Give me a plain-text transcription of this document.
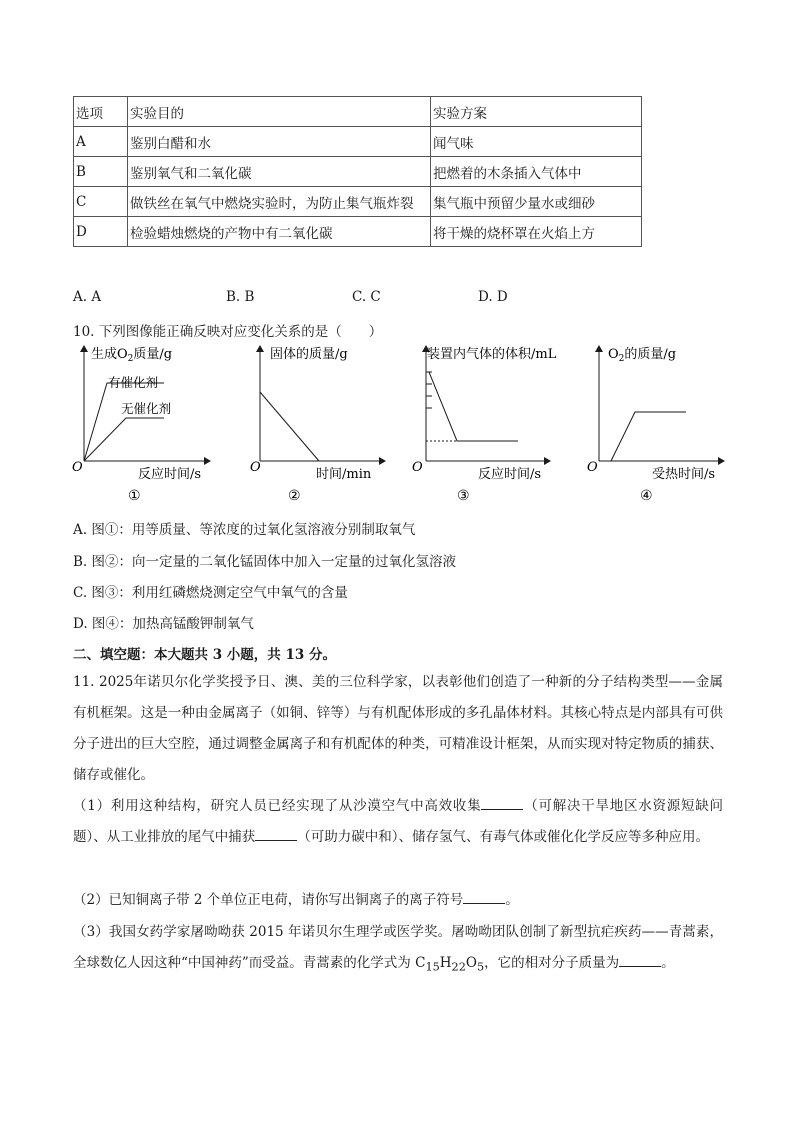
选项	实验目的	实验方案
A	鉴别白醋和水	闻气味
B	鉴别氧气和二氧化碳	把燃着的木条插入气体中
C	做铁丝在氧气中燃烧实验时，为防止集气瓶炸裂	集气瓶中预留少量水或细砂
D	检验蜡烛燃烧的产物中有二氧化碳	将干燥的烧杯罩在火焰上方
A. A	B. B	C. C	D. D
10. 下列图像能正确反映对应变化关系的是（　　）
生成$O_2$质量/g
有催化剂
无催化剂
O	反应时间/s
①
固体的质量/g
O	时间/min
②
装置内气体的体积/mL
O	反应时间/s
③
$O_2$的质量/g
O	受热时间/s
④
A. 图①：用等质量、等浓度的过氧化氢溶液分别制取氧气
B. 图②：向一定量的二氧化锰固体中加入一定量的过氧化氢溶液
C. 图③：利用红磷燃烧测定空气中氧气的含量
D. 图④：加热高锰酸钾制氧气
二、填空题：本大题共 3 小题，共 13 分。
11. 2025年诺贝尔化学奖授予日、澳、美的三位科学家，以表彰他们创造了一种新的分子结构类型——金属有机框架。这是一种由金属离子（如铜、锌等）与有机配体形成的多孔晶体材料。其核心特点是内部具有可供分子进出的巨大空腔，通过调整金属离子和有机配体的种类，可精准设计框架，从而实现对特定物质的捕获、储存或催化。
（1）利用这种结构，研究人员已经实现了从沙漠空气中高效收集	（可解决干旱地区水资源短缺问题）、从工业排放的尾气中捕获	（可助力碳中和）、储存氢气、有毒气体或催化化学反应等多种应用。
（2）已知铜离子带 2 个单位正电荷，请你写出铜离子的离子符号	。
（3）我国女药学家屠呦呦获 2015 年诺贝尔生理学或医学奖。屠呦呦团队创制了新型抗疟疾药——青蒿素，全球数亿人因这种“中国神药”而受益。青蒿素的化学式为 $C_{15}H_{22}O_5$，它的相对分子质量为	。
